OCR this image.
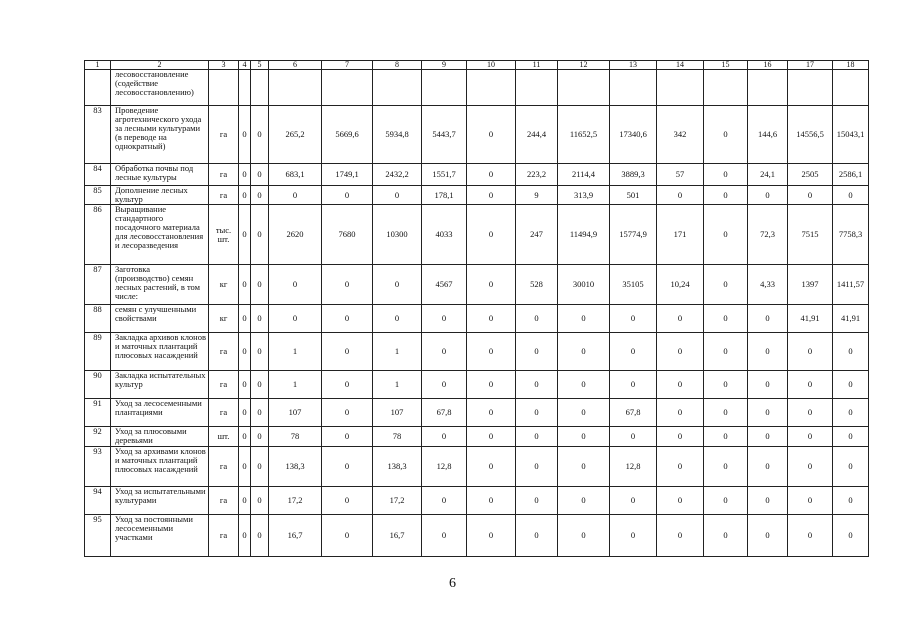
1	2	3	4	5	6	7	8	9	10	11	12	13	14	15	16	17	18
	лесовосстановление (содействие лесовосстановлению)																
83	Проведение агротехнического ухода за лесными культурами (в переводе на однократный)	га	0	0	265,2	5669,6	5934,8	5443,7	0	244,4	11652,5	17340,6	342	0	144,6	14556,5	15043,1
84	Обработка почвы под лесные культуры	га	0	0	683,1	1749,1	2432,2	1551,7	0	223,2	2114,4	3889,3	57	0	24,1	2505	2586,1
85	Дополнение лесных культур	га	0	0	0	0	0	178,1	0	9	313,9	501	0	0	0	0	0
86	Выращивание стандартного посадочного материала для лесовосстановления и лесоразведения	тыс. шт.	0	0	2620	7680	10300	4033	0	247	11494,9	15774,9	171	0	72,3	7515	7758,3
87	Заготовка (производство) семян лесных растений, в том числе:	кг	0	0	0	0	0	4567	0	528	30010	35105	10,24	0	4,33	1397	1411,57
88	семян с улучшенными свойствами	кг	0	0	0	0	0	0	0	0	0	0	0	0	0	41,91	41,91
89	Закладка архивов клонов и маточных плантаций плюсовых насаждений	га	0	0	1	0	1	0	0	0	0	0	0	0	0	0	0
90	Закладка испытательных культур	га	0	0	1	0	1	0	0	0	0	0	0	0	0	0	0
91	Уход за лесосеменными плантациями	га	0	0	107	0	107	67,8	0	0	0	67,8	0	0	0	0	0
92	Уход за плюсовыми деревьями	шт.	0	0	78	0	78	0	0	0	0	0	0	0	0	0	0
93	Уход за архивами клонов и маточных плантаций плюсовых насаждений	га	0	0	138,3	0	138,3	12,8	0	0	0	12,8	0	0	0	0	0
94	Уход за испытательными культурами	га	0	0	17,2	0	17,2	0	0	0	0	0	0	0	0	0	0
95	Уход за постоянными лесосеменными участками	га	0	0	16,7	0	16,7	0	0	0	0	0	0	0	0	0	0
6
